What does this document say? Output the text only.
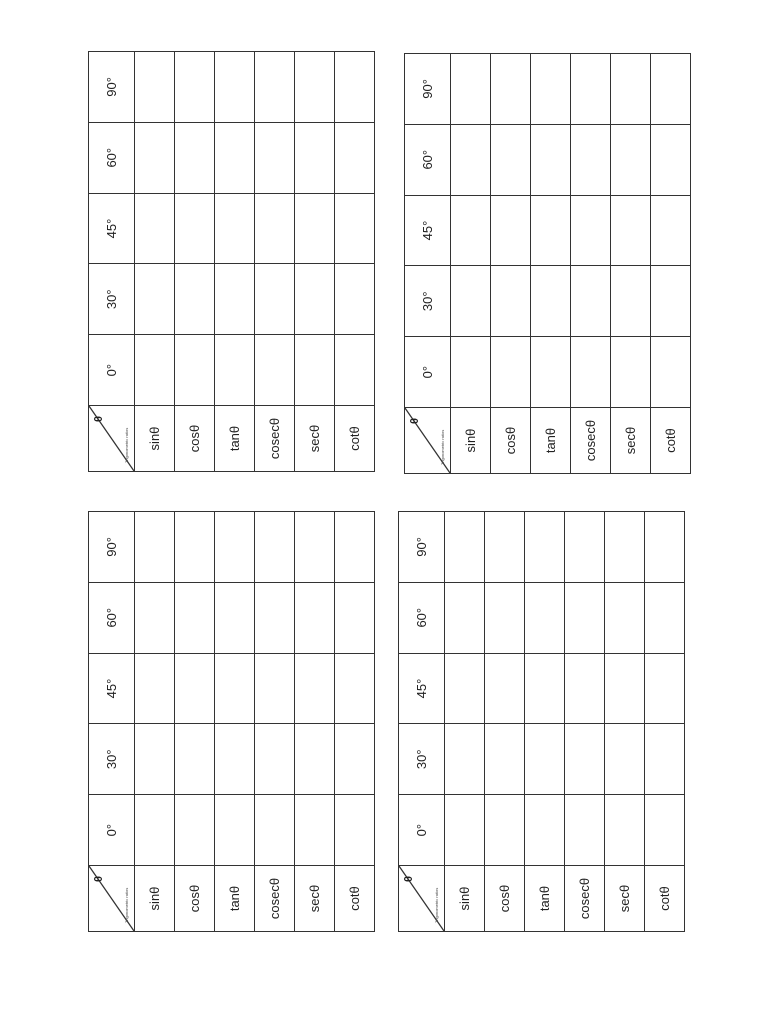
θ
Trigonometric ratios	0°	30°	45°	60°	90°
sinθ					
cosθ					
tanθ					
cosecθ					
secθ					
cotθ					
θ
Trigonometric ratios	0°	30°	45°	60°	90°
sinθ					
cosθ					
tanθ					
cosecθ					
secθ					
cotθ					
θ
Trigonometric ratios	0°	30°	45°	60°	90°
sinθ					
cosθ					
tanθ					
cosecθ					
secθ					
cotθ					
θ
Trigonometric ratios	0°	30°	45°	60°	90°
sinθ					
cosθ					
tanθ					
cosecθ					
secθ					
cotθ					
